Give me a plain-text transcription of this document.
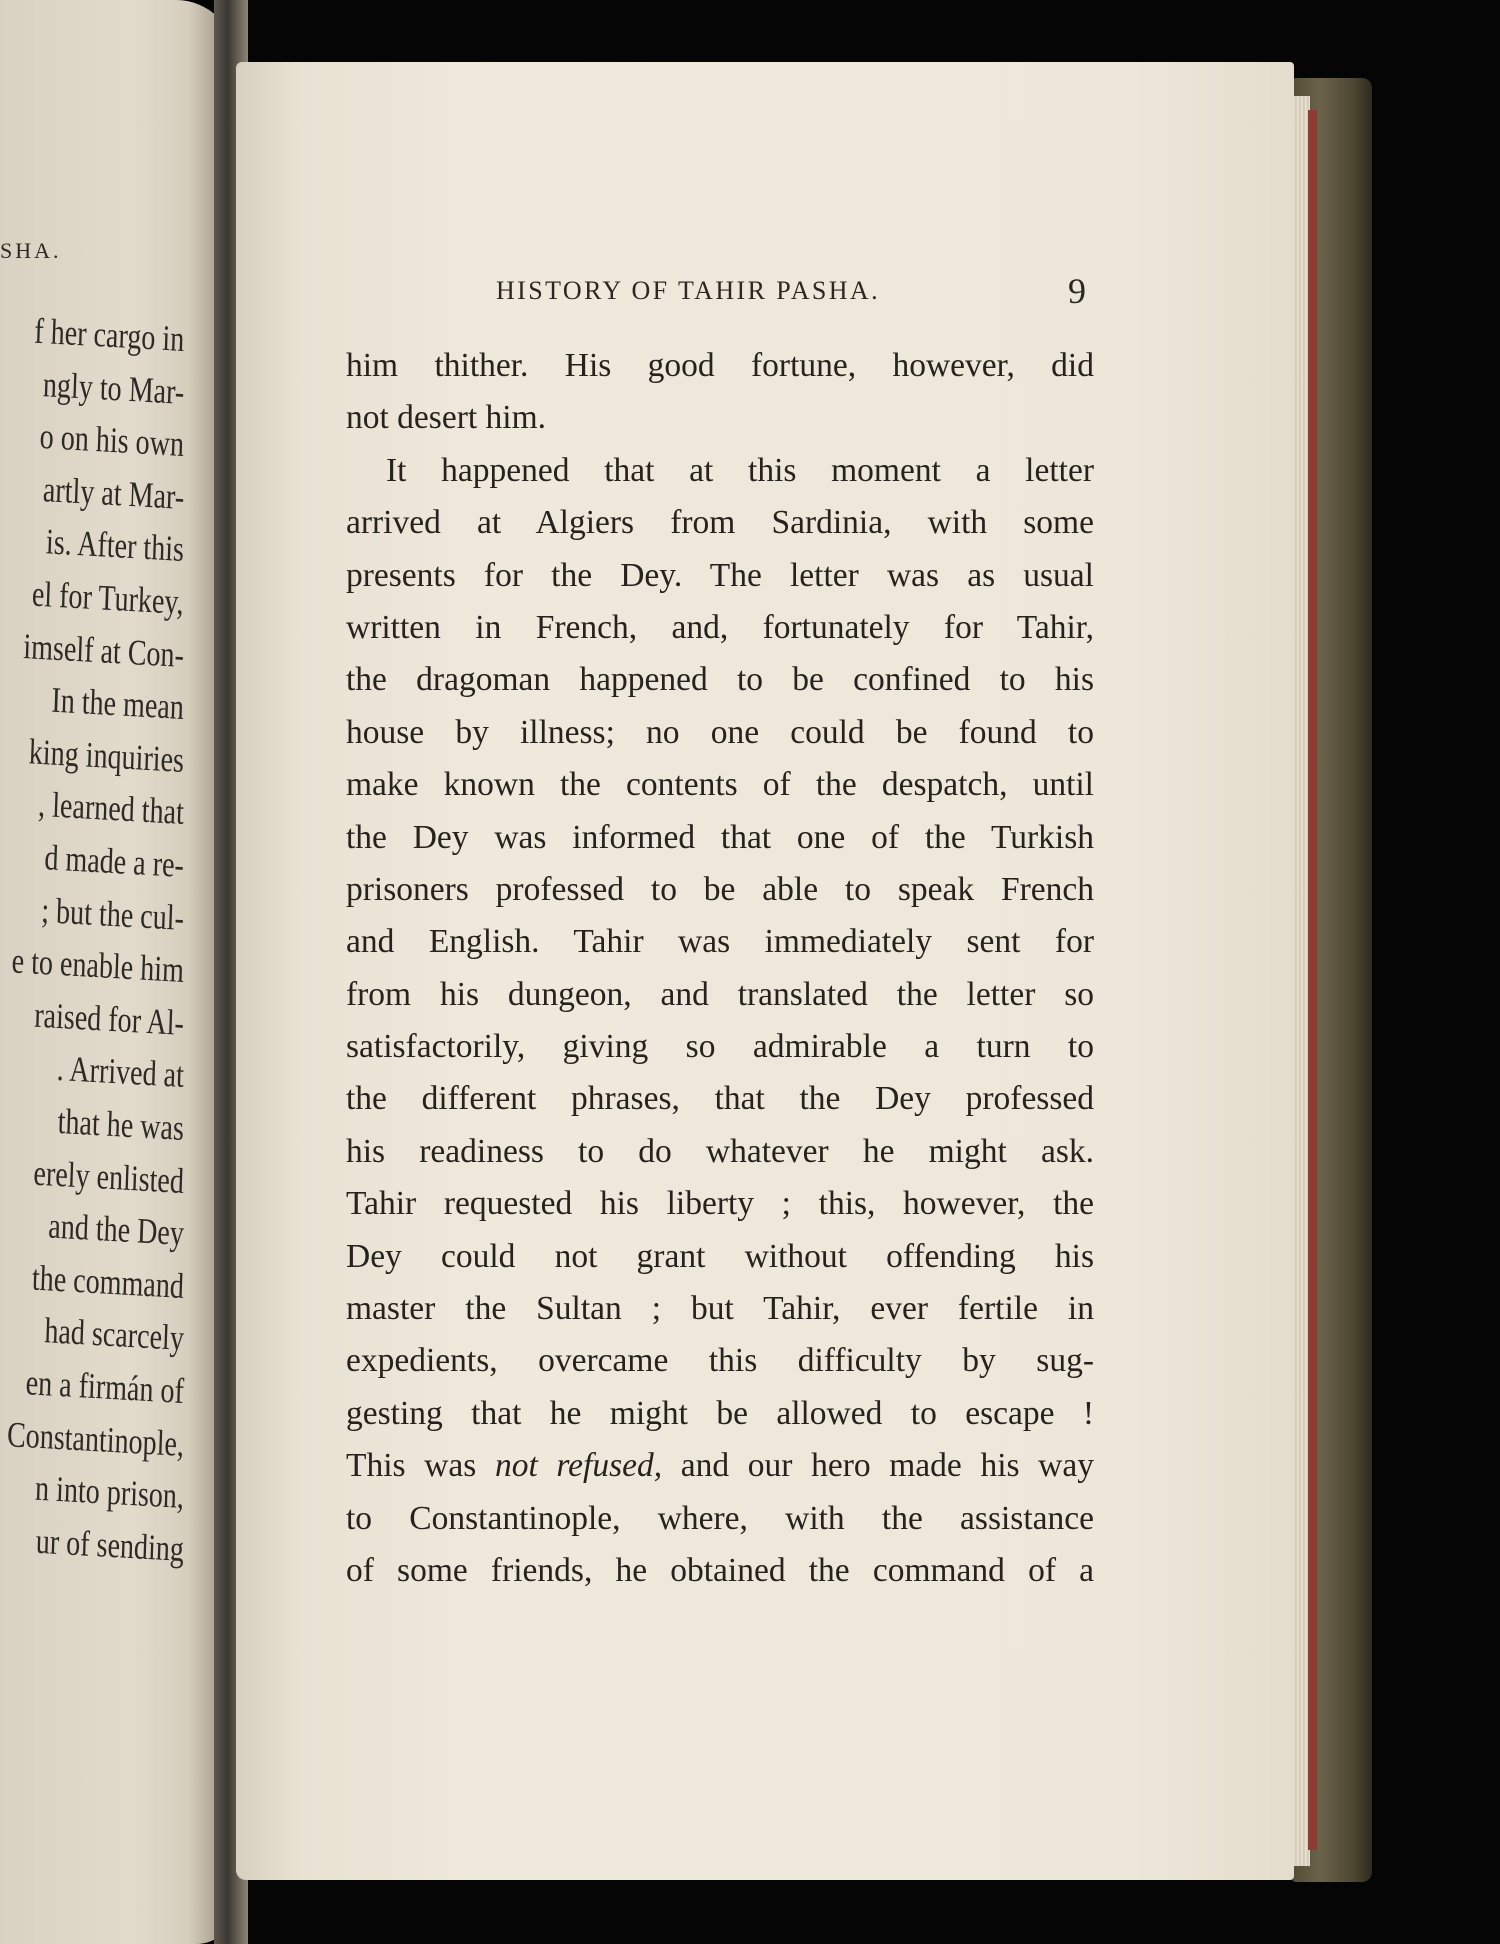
SHA.
f her cargo in
ngly to Mar-
o on his own
artly at Mar-
is. After this
el for Turkey,
imself at Con-
In the mean
king inquiries
, learned that
d made a re-
; but the cul-
e to enable him
raised for Al-
. Arrived at
that he was
erely enlisted
and the Dey
the command
had scarcely
en a firmán of
Constantinople,
n into prison,
ur of sending
HISTORY OF TAHIR PASHA.	9
him thither. His good fortune, however, did
not desert him.
It happened that at this moment a letter
arrived at Algiers from Sardinia, with some
presents for the Dey. The letter was as usual
written in French, and, fortunately for Tahir,
the dragoman happened to be confined to his
house by illness; no one could be found to
make known the contents of the despatch, until
the Dey was informed that one of the Turkish
prisoners professed to be able to speak French
and English. Tahir was immediately sent for
from his dungeon, and translated the letter so
satisfactorily, giving so admirable a turn to
the different phrases, that the Dey professed
his readiness to do whatever he might ask.
Tahir requested his liberty ; this, however, the
Dey could not grant without offending his
master the Sultan ; but Tahir, ever fertile in
expedients, overcame this difficulty by sug-
gesting that he might be allowed to escape !
This was not refused, and our hero made his way
to Constantinople, where, with the assistance
of some friends, he obtained the command of a
